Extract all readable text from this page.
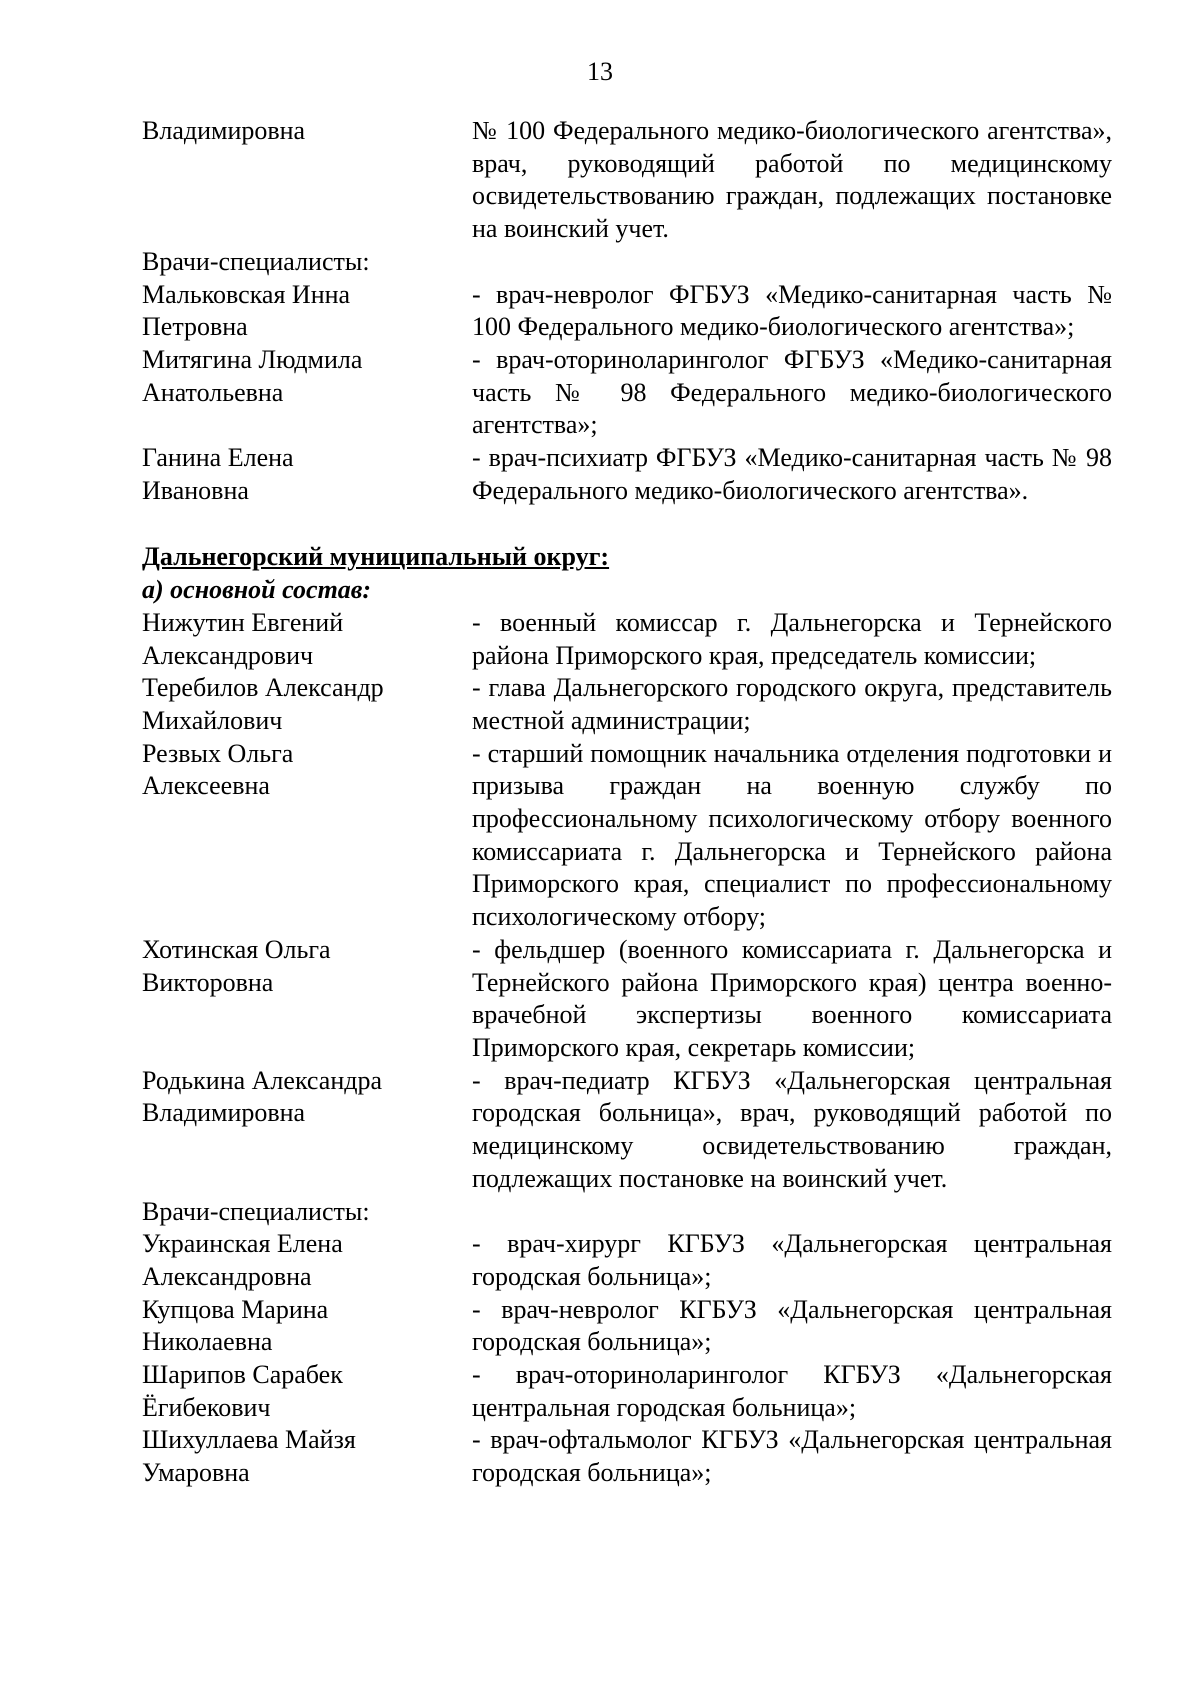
13
Владимировна	№ 100 Федерального медико-биологического агентства», врач, руководящий работой по медицинскому освидетельствованию граждан, подлежащих постановке на воинский учет.
Врачи-специалисты:
Мальковская Инна
Петровна
- врач-невролог ФГБУЗ «Медико-санитарная часть № 100 Федерального медико-биологического агентства»;
Митягина Людмила
Анатольевна
- врач-оториноларинголог ФГБУЗ «Медико-санитарная часть № 98 Федерального медико-биологического агентства»;
Ганина Елена
Ивановна
- врач-психиатр ФГБУЗ «Медико-санитарная часть № 98 Федерального медико-биологического агентства».
Дальнегорский муниципальный округ:
а) основной состав:
Нижутин Евгений
Александрович
- военный комиссар г. Дальнегорска и Тернейского района Приморского края, председатель комиссии;
Теребилов Александр
Михайлович
- глава Дальнегорского городского округа, представитель местной администрации;
Резвых Ольга
Алексеевна
- старший помощник начальника отделения подготовки и призыва граждан на военную службу по профессиональному психологическому отбору военного комиссариата г. Дальнегорска и Тернейского района Приморского края, специалист по профессиональному психологическому отбору;
Хотинская Ольга
Викторовна
- фельдшер (военного комиссариата г. Дальнегорска и Тернейского района Приморского края) центра военно-врачебной экспертизы военного комиссариата Приморского края, секретарь комиссии;
Родькина Александра
Владимировна
- врач-педиатр КГБУЗ «Дальнегорская центральная городская больница», врач, руководящий работой по медицинскому освидетельствованию граждан, подлежащих постановке на воинский учет.
Врачи-специалисты:
Украинская Елена
Александровна
- врач-хирург КГБУЗ «Дальнегорская центральная городская больница»;
Купцова Марина
Николаевна
- врач-невролог КГБУЗ «Дальнегорская центральная городская больница»;
Шарипов Сарабек
Ёгибекович
- врач-оториноларинголог КГБУЗ «Дальнегорская центральная городская больница»;
Шихуллаева Майзя
Умаровна
- врач-офтальмолог КГБУЗ «Дальнегорская центральная городская больница»;
